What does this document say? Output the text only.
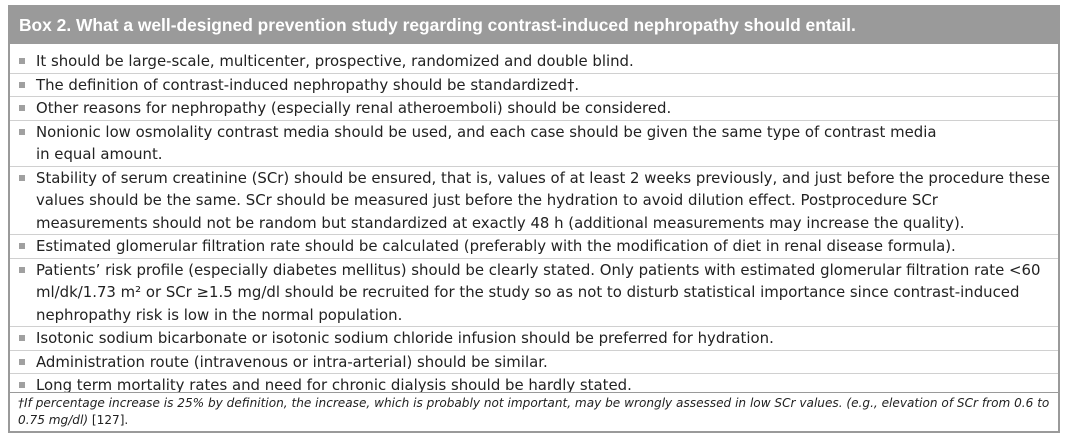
Box 2. What a well-designed prevention study regarding contrast-induced nephropathy should entail.
It should be large-scale, multicenter, prospective, randomized and double blind.
The definition of contrast-induced nephropathy should be standardized†.
Other reasons for nephropathy (especially renal atheroemboli) should be considered.
Nonionic low osmolality contrast media should be used, and each case should be given the same type of contrast media in equal amount.
Stability of serum creatinine (SCr) should be ensured, that is, values of at least 2 weeks previously, and just before the procedure these values should be the same. SCr should be measured just before the hydration to avoid dilution effect. Postprocedure SCr measurements should not be random but standardized at exactly 48 h (additional measurements may increase the quality).
Estimated glomerular filtration rate should be calculated (preferably with the modification of diet in renal disease formula).
Patients’ risk profile (especially diabetes mellitus) should be clearly stated. Only patients with estimated glomerular filtration rate <60 ml/dk/1.73 m² or SCr ≥1.5 mg/dl should be recruited for the study so as not to disturb statistical importance since contrast-induced nephropathy risk is low in the normal population.
Isotonic sodium bicarbonate or isotonic sodium chloride infusion should be preferred for hydration.
Administration route (intravenous or intra-arterial) should be similar.
Long term mortality rates and need for chronic dialysis should be hardly stated.
†If percentage increase is 25% by definition, the increase, which is probably not important, may be wrongly assessed in low SCr values. (e.g., elevation of SCr from 0.6 to 0.75 mg/dl) [127].
